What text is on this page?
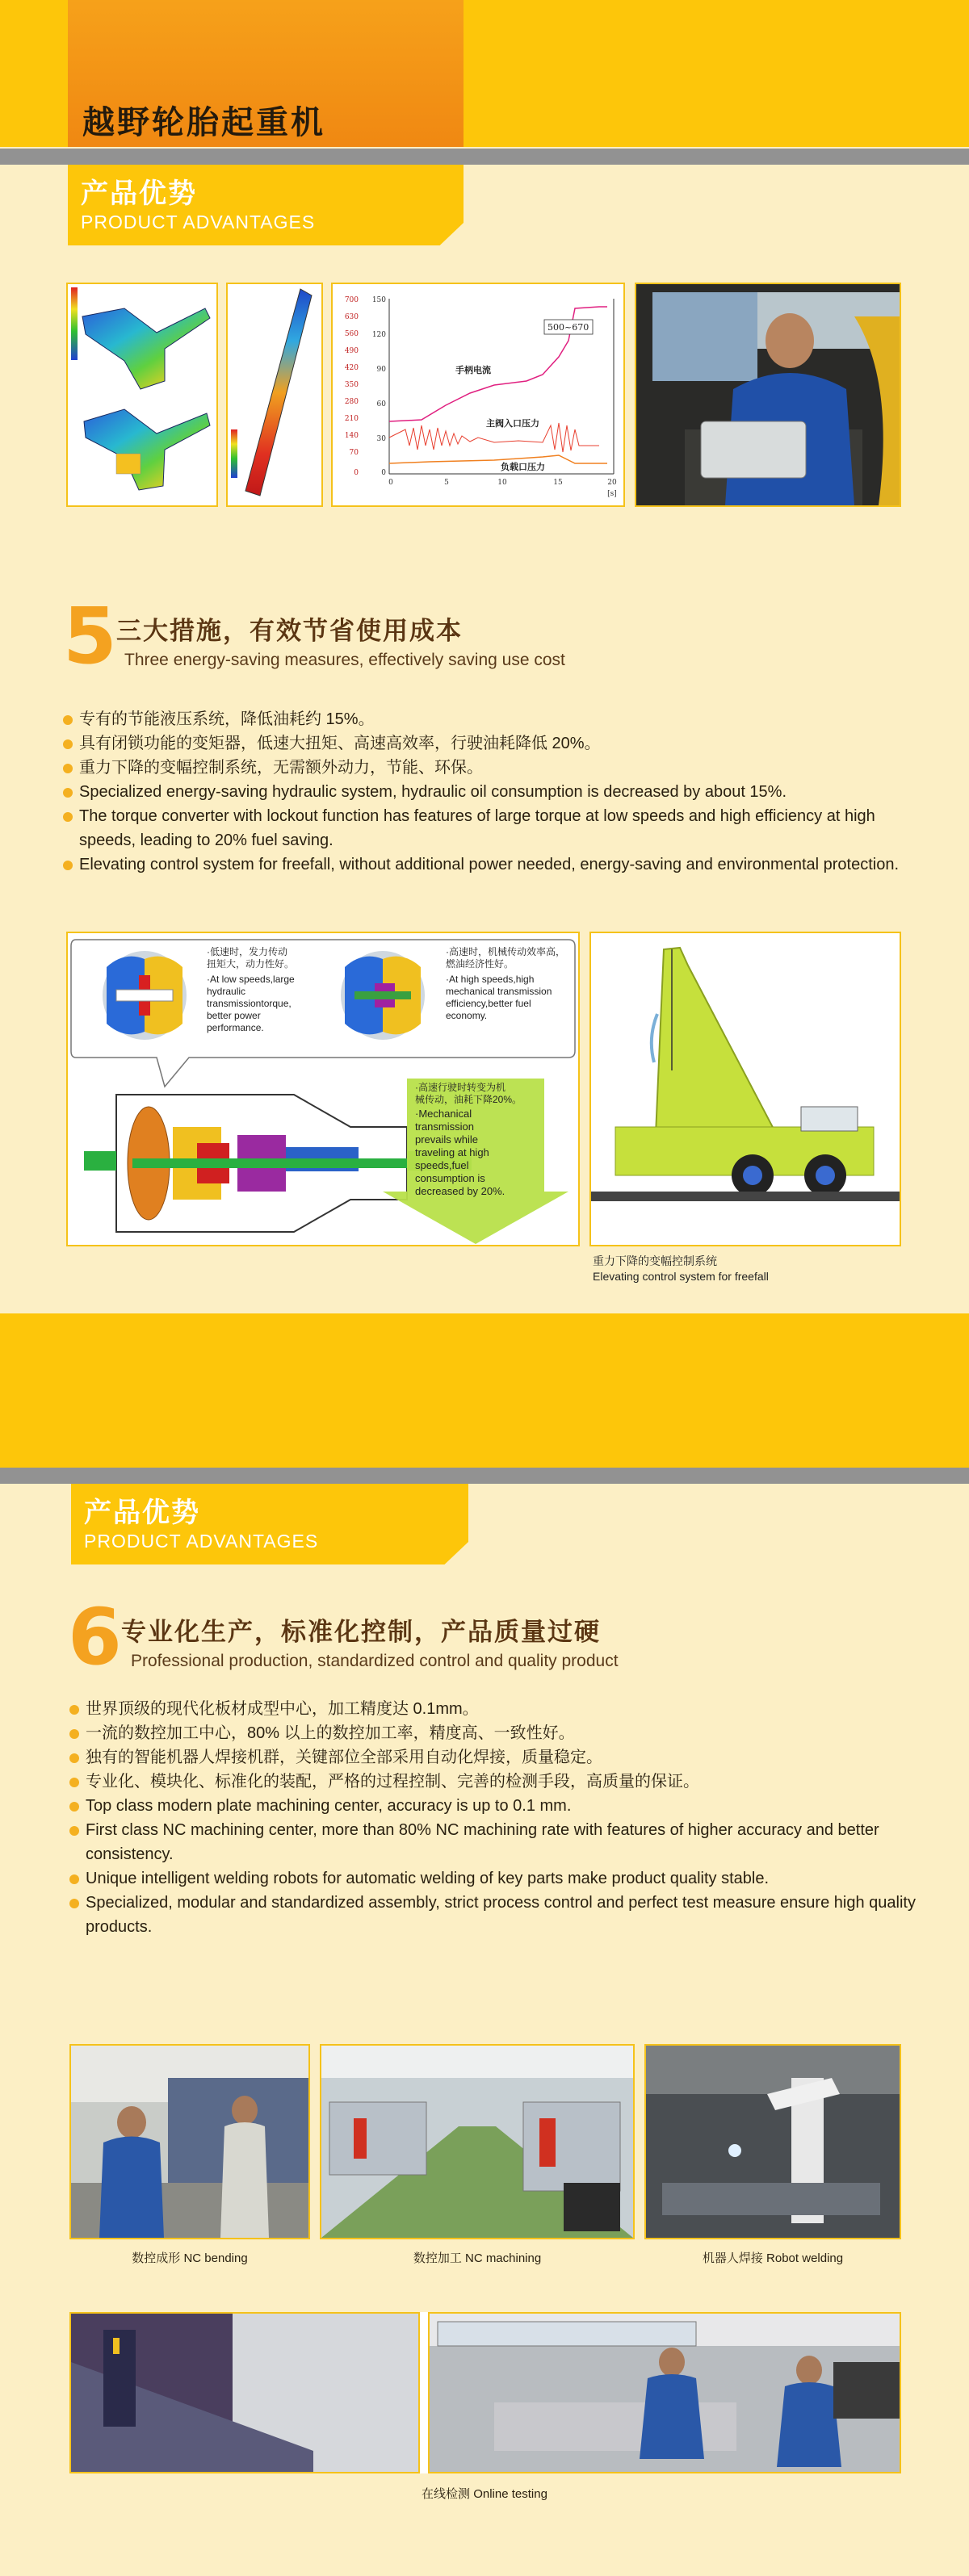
越野轮胎起重机
产品优势
PRODUCT ADVANTAGES
700
630
560
490
420
350
280
210
140
70
0
150
120
90
60
30
0
0	5	10	15	20
[s]
500~670
手柄电流
主阀入口压力
负载口压力
5 三大措施，有效节省使用成本
Three energy-saving measures, effectively saving use cost
专有的节能液压系统，降低油耗约 15%。
具有闭锁功能的变矩器，低速大扭矩、高速高效率，行驶油耗降低 20%。
重力下降的变幅控制系统，无需额外动力，节能、环保。
Specialized energy-saving hydraulic system, hydraulic oil consumption is decreased by about 15%.
The torque converter with lockout function has features of large torque at low speeds and high efficiency at high speeds, leading to 20% fuel saving.
Elevating control system for freefall, without additional power needed, energy-saving and environmental protection.
·低速时，发力传动
扭矩大，动力性好。
·At low speeds,large
hydraulic
transmissiontorque,
better power
performance.
·高速时，机械传动效率高，
燃油经济性好。
·At high speeds,high
mechanical transmission
efficiency,better fuel
economy.
·高速行驶时转变为机
械传动，油耗下降20%。
·Mechanical
transmission
prevails while
traveling at high
speeds,fuel
consumption is
decreased by 20%.
重力下降的变幅控制系统
Elevating control system for freefall
产品优势
PRODUCT ADVANTAGES
6 专业化生产，标准化控制，产品质量过硬
Professional production, standardized control and quality product
世界顶级的现代化板材成型中心，加工精度达 0.1mm。
一流的数控加工中心，80% 以上的数控加工率，精度高、一致性好。
独有的智能机器人焊接机群，关键部位全部采用自动化焊接，质量稳定。
专业化、模块化、标准化的装配，严格的过程控制、完善的检测手段，高质量的保证。
Top class modern plate machining center, accuracy is up to 0.1 mm.
First class NC machining center, more than 80% NC machining rate with features of higher accuracy and better consistency.
Unique intelligent welding robots for automatic welding of key parts make product quality stable.
Specialized, modular and standardized assembly, strict process control and perfect test measure ensure high quality products.
数控成形 NC bending	数控加工 NC machining	机器人焊接 Robot welding
在线检测 Online testing
